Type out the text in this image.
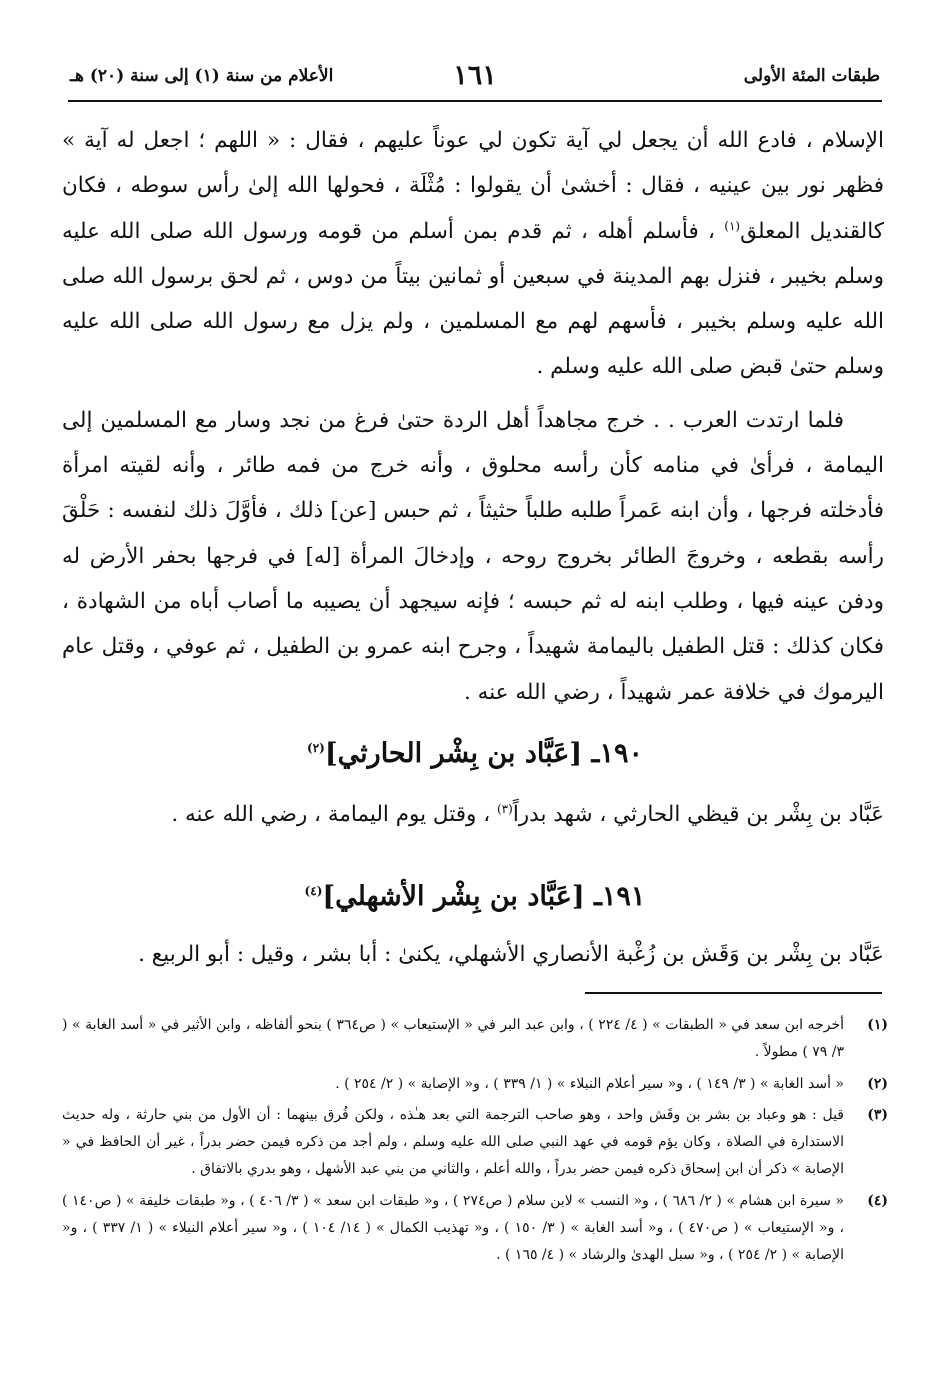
طبقات المئة الأولى
١٦١
الأعلام من سنة (١) إلى سنة (٢٠) هـ

الإسلام ، فادع الله أن يجعل لي آية تكون لي عوناً عليهم ، فقال : « اللهم ؛ اجعل له آية » فظهر نور بين عينيه ، فقال : أخشىٰ أن يقولوا : مُثْلَة ، فحولها الله إلىٰ رأس سوطه ، فكان كالقنديل المعلق$^{(١)}$ ، فأسلم أهله ، ثم قدم بمن أسلم من قومه ورسول الله صلى الله عليه وسلم بخيبر ، فنزل بهم المدينة في سبعين أو ثمانين بيتاً من دوس ، ثم لحق برسول الله صلى الله عليه وسلم بخيبر ، فأسهم لهم مع المسلمين ، ولم يزل مع رسول الله صلى الله عليه وسلم حتىٰ قبض صلى الله عليه وسلم .

فلما ارتدت العرب . . خرج مجاهداً أهل الردة حتىٰ فرغ من نجد وسار مع المسلمين إلى اليمامة ، فرأىٰ في منامه كأن رأسه محلوق ، وأنه خرج من فمه طائر ، وأنه لقيته امرأة فأدخلته فرجها ، وأن ابنه عَمراً طلبه طلباً حثيثاً ، ثم حبس [عن] ذلك ، فأوَّلَ ذلك لنفسه : حَلْقَ رأسه بقطعه ، وخروجَ الطائر بخروج روحه ، وإدخالَ المرأة [له] في فرجها بحفر الأرض له ودفن عينه فيها ، وطلب ابنه له ثم حبسه ؛ فإنه سيجهد أن يصيبه ما أصاب أباه من الشهادة ، فكان كذلك : قتل الطفيل باليمامة شهيداً ، وجرح ابنه عمرو بن الطفيل ، ثم عوفي ، وقتل عام اليرموك في خلافة عمر شهيداً ، رضي الله عنه .

١٩٠ـ [عَبَّاد بن بِشْر الحارثي]$^{(٢)}$
عَبَّاد بن بِشْر بن قيظي الحارثي ، شهد بدراً$^{(٣)}$ ، وقتل يوم اليمامة ، رضي الله عنه .
١٩١ـ [عَبَّاد بن بِشْر الأشهلي]$^{(٤)}$
عَبَّاد بن بِشْر بن وَقَش بن زُغْبة الأنصاري الأشهلي، يكنىٰ : أبا بشر ، وقيل : أبو الربيع .
(١)
أخرجه ابن سعد في « الطبقات » ( ٤/ ٢٢٤ ) ، وابن عبد البر في « الإستيعاب » ( ص٣٦٤ ) بنحو ألفاظه ، وابن الأثير في « أسد الغابة » ( ٣/ ٧٩ ) مطولاً .
(٢)
« أسد الغابة » ( ٣/ ١٤٩ ) ، و« سير أعلام النبلاء » ( ١/ ٣٣٩ ) ، و« الإصابة » ( ٢/ ٢٥٤ ) .
(٣)
قيل : هو وعباد بن بشر بن وقَش واحد ، وهو صاحب الترجمة التي بعد هـٰذه ، ولكن فُرق بينهما : أن الأول من بني حارثة ، وله حديث الاستدارة في الصلاة ، وكان يؤم قومه في عهد النبي صلى الله عليه وسلم ، ولم أجد من ذكره فيمن حضر بدراً ، غير أن الحافظ في « الإصابة » ذكر أن ابن إسحاق ذكره فيمن حضر بدراً ، والله أعلم ، والثاني من بني عبد الأشهل ، وهو بدري بالاتفاق .
(٤)
« سيرة ابن هشام » ( ٢/ ٦٨٦ ) ، و« النسب » لابن سلام ( ص٢٧٤ ) ، و« طبقات ابن سعد » ( ٣/ ٤٠٦ ) ، و« طبقات خليفة » ( ص١٤٠ ) ، و« الإستيعاب » ( ص٤٧٠ ) ، و« أسد الغابة » ( ٣/ ١٥٠ ) ، و« تهذيب الكمال » ( ١٤/ ١٠٤ ) ، و« سير أعلام النبلاء » ( ١/ ٣٣٧ ) ، و« الإصابة » ( ٢/ ٢٥٤ ) ، و« سبل الهدىٰ والرشاد » ( ٤/ ١٦٥ ) .
